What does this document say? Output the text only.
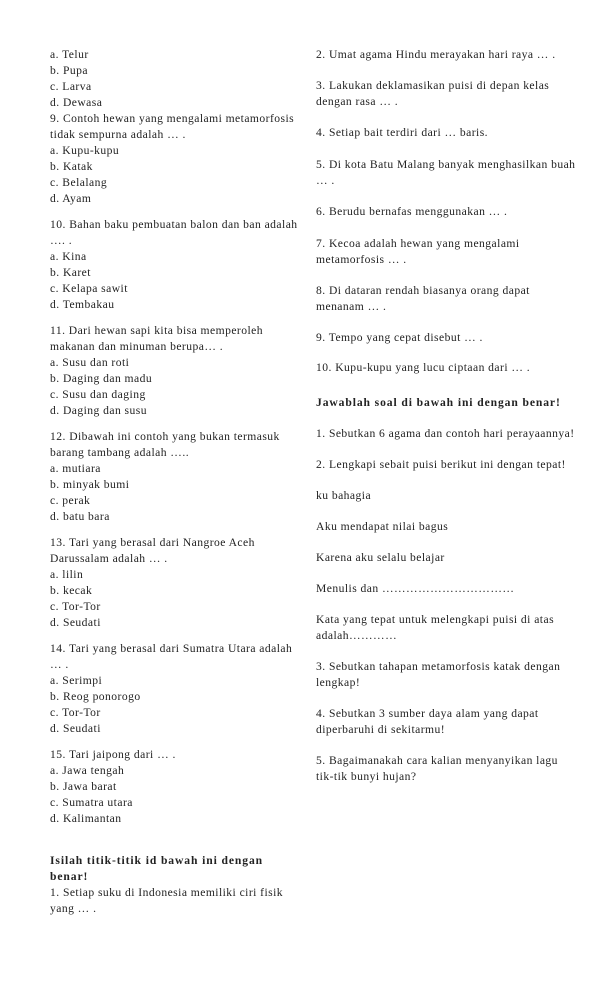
a. Telur
b. Pupa
c. Larva
d. Dewasa
9. Contoh hewan yang mengalami metamorfosis tidak sempurna adalah … .
a. Kupu-kupu
b. Katak
c. Belalang
d. Ayam
10. Bahan baku pembuatan balon dan ban adalah …. .
a. Kina
b. Karet
c. Kelapa sawit
d. Tembakau
11. Dari hewan sapi kita bisa memperoleh makanan dan minuman berupa… .
a. Susu dan roti
b. Daging dan madu
c. Susu dan daging
d. Daging dan susu
12. Dibawah ini contoh yang bukan termasuk barang tambang adalah …..
a. mutiara
b. minyak bumi
c. perak
d. batu bara
13. Tari yang berasal dari Nangroe Aceh Darussalam adalah … .
a. lilin
b. kecak
c. Tor-Tor
d. Seudati
14. Tari yang berasal dari Sumatra Utara adalah … .
a. Serimpi
b. Reog ponorogo
c. Tor-Tor
d. Seudati
15. Tari jaipong dari … .
a. Jawa tengah
b. Jawa barat
c. Sumatra utara
d. Kalimantan
Isilah titik-titik id bawah ini dengan benar!
1. Setiap suku di Indonesia memiliki ciri fisik yang … .
2. Umat agama Hindu merayakan hari raya … .
3. Lakukan deklamasikan puisi di depan kelas dengan rasa … .
4. Setiap bait terdiri dari … baris.
5. Di kota Batu Malang banyak menghasilkan buah … .
6. Berudu bernafas menggunakan … .
7. Kecoa adalah hewan yang mengalami metamorfosis … .
8. Di dataran rendah biasanya orang dapat menanam … .
9. Tempo yang cepat disebut … .
10. Kupu-kupu yang lucu ciptaan dari … .
Jawablah soal di bawah ini dengan benar!
1. Sebutkan 6 agama dan contoh hari perayaannya!
2. Lengkapi sebait puisi berikut ini dengan tepat!
ku bahagia
Aku mendapat nilai bagus
Karena aku selalu belajar
Menulis dan ……………………………
Kata yang tepat untuk melengkapi puisi di atas adalah…………
3. Sebutkan tahapan metamorfosis katak dengan lengkap!
4. Sebutkan 3 sumber daya alam yang dapat diperbaruhi di sekitarmu!
5. Bagaimanakah cara kalian menyanyikan lagu tik-tik bunyi hujan?
